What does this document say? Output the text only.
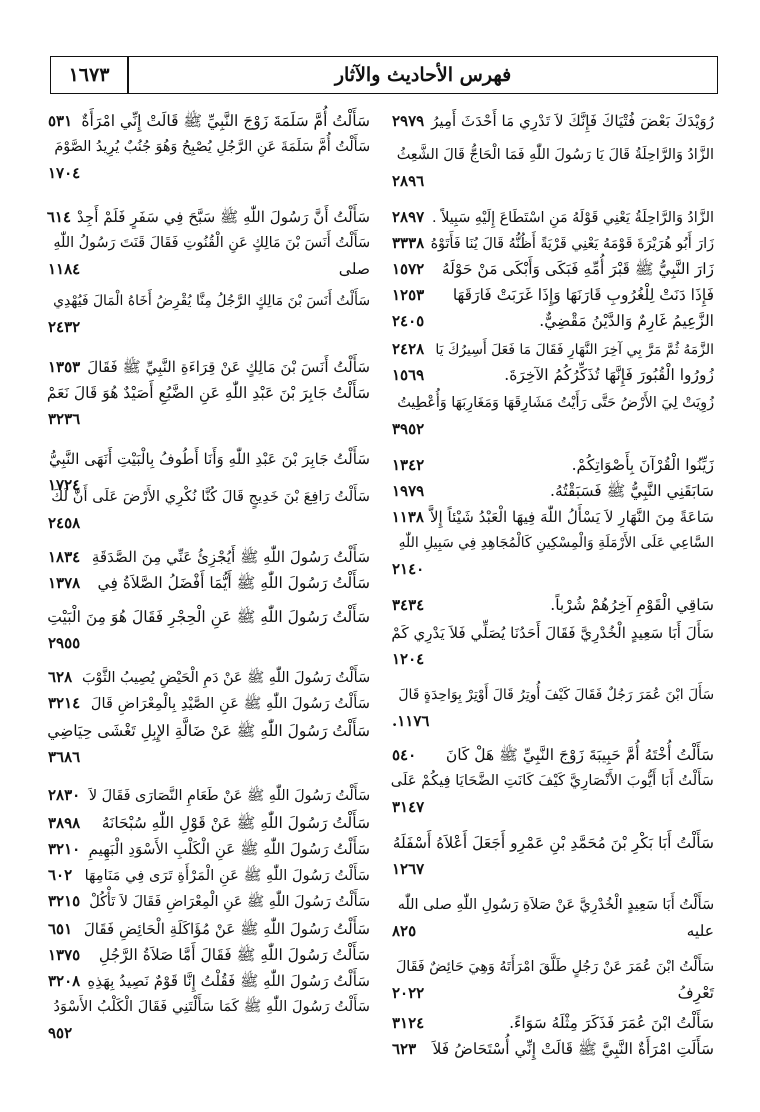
١٦٧٣	فهرس الأحاديث والآثار
رُوَيْدَكَ بَعْضَ فُتْيَاكَ فَإِنَّكَ لاَ تَدْرِي مَا أَحْدَثَ أَمِيرُ
٢٩٧٩
الزَّادُ وَالرَّاحِلَةُ قَالَ يَا رَسُولَ اللّٰهِ فَمَا الْحَاجُّ قَالَ الشَّعِثُ
٢٨٩٦
الزَّادُ وَالرَّاحِلَةُ يَعْنِي قَوْلَهُ مَنِ اسْتَطَاعَ إِلَيْهِ سَبِيلاً .
٢٨٩٧
زَارَ أَبُو هُرَيْرَةَ قَوْمَهُ يَعْنِي قَرْيَةً أَظُنُّهُ قَالَ يُنَا فَأَتَوْهُ
٣٣٣٨
زَارَ النَّبِيُّ ﷺ قَبْرَ أُمِّهِ فَبَكَى وَأَبْكَى مَنْ حَوْلَهُ
١٥٧٢
فَإِذَا دَنَتْ لِلْغُرُوبِ قَارَنَهَا وَإِذَا غَرَبَتْ فَارَقَهَا
١٢٥٣
الزَّعِيمُ غَارِمٌ وَالدَّيْنُ مَقْضِيٌّ.
٢٤٠٥
الزَّمَهُ ثُمَّ مَرَّ بِي آخِرَ النَّهَارِ فَقَالَ مَا فَعَلَ أَسِيرُكَ يَا
٢٤٢٨
زُورُوا الْقُبُورَ فَإِنَّهَا تُذَكِّرُكُمُ الآخِرَةَ.
١٥٦٩
زُوِيَتْ لِيَ الأَرْضُ حَتَّى رَأَيْتُ مَشَارِقَهَا وَمَغَارِبَهَا وَأُعْطِيتُ
٣٩٥٢
زَيِّنُوا الْقُرْآنَ بِأَصْوَاتِكُمْ.
١٣٤٢
سَابَقَنِي النَّبِيُّ ﷺ فَسَبَقْتُهُ.
١٩٧٩
سَاعَةً مِنَ النَّهَارِ لاَ يَسْأَلُ اللّٰهَ فِيهَا الْعَبْدُ شَيْئاً إِلاَّ
١١٣٨
السَّاعِي عَلَى الأَرْمَلَةِ وَالْمِسْكِينِ كَالْمُجَاهِدِ فِي سَبِيلِ اللّٰهِ
٢١٤٠
سَاقِي الْقَوْمِ آخِرُهُمْ شُرْباً.
٣٤٣٤
سَأَلَ أَبَا سَعِيدٍ الْخُدْرِيَّ فَقَالَ أَحَدُنَا يُصَلِّي فَلاَ يَدْرِي كَمْ
١٢٠٤
سَأَلَ ابْنَ عُمَرَ رَجُلٌ فَقَالَ كَيْفَ أُوتِرُ قَالَ أَوْتِرْ بِوَاحِدَةٍ قَالَ
١١٧٦.
سَأَلْتُ أُخْتَهُ أُمَّ حَبِيبَةَ زَوْجَ النَّبِيِّ ﷺ هَلْ كَانَ
٥٤٠
سَأَلْتُ أَبَا أَيُّوبَ الأَنْصَارِيَّ كَيْفَ كَانَتِ الضَّحَايَا فِيكُمْ عَلَى
٣١٤٧
سَأَلْتُ أَبَا بَكْرِ بْنَ مُحَمَّدِ بْنِ عَمْرِو أَجَعَلَ أَعْلاَهُ أَسْفَلَهُ
١٢٦٧
سَأَلْتُ أَبَا سَعِيدٍ الْخُدْرِيَّ عَنْ صَلاَةِ رَسُولِ اللّٰهِ صلى اللّٰه
عليه
٨٢٥
سَأَلْتُ ابْنَ عُمَرَ عَنْ رَجُلٍ طَلَّقَ امْرَأَتَهُ وَهِيَ حَائِضٌ فَقَالَ
تَعْرِفُ
٢٠٢٢
سَأَلْتُ ابْنَ عُمَرَ فَذَكَرَ مِثْلَهُ سَوَاءً.
٣١٢٤
سَأَلَتِ امْرَأَةٌ النَّبِيَّ ﷺ قَالَتْ إِنِّي أُسْتَحَاضُ فَلاَ
٦٢٣
سَأَلْتُ أُمَّ سَلَمَةَ زَوْجَ النَّبِيِّ ﷺ قَالَتْ إِنِّي امْرَأَةٌ
٥٣١
سَأَلْتُ أُمَّ سَلَمَةَ عَنِ الرَّجُلِ يُصْبِحُ وَهُوَ جُنُبٌ يُرِيدُ الصَّوْمَ
١٧٠٤
سَأَلْتُ أَنَّ رَسُولَ اللّٰهِ ﷺ سَبَّحَ فِي سَفَرٍ فَلَمْ أَجِدْ
٦١٤
سَأَلْتُ أَنَسَ بْنَ مَالِكٍ عَنِ الْقُنُوتِ فَقَالَ قَنَتَ رَسُولُ اللّٰهِ
صلى
١١٨٤
سَأَلْتُ أَنَسَ بْنَ مَالِكٍ الرَّجُلُ مِنَّا يُقْرِضُ أَخَاهُ الْمَالَ فَيُهْدِي
٢٤٣٢
سَأَلْتُ أَنَسَ بْنَ مَالِكٍ عَنْ قِرَاءَةِ النَّبِيِّ ﷺ فَقَالَ
١٣٥٣
سَأَلْتُ جَابِرَ بْنَ عَبْدِ اللّٰهِ عَنِ الضَّبُعِ أَصَيْدٌ هُوَ قَالَ نَعَمْ
٣٢٣٦
سَأَلْتُ جَابِرَ بْنَ عَبْدِ اللّٰهِ وَأَنَا أَطُوفُ بِالْبَيْتِ أَنَهَى النَّبِيُّ
١٧٢٤
سَأَلْتُ رَافِعَ بْنَ خَدِيجٍ قَالَ كُنَّا نُكْرِي الأَرْضَ عَلَى أَنَّ لَكَ
٢٤٥٨
سَأَلْتُ رَسُولَ اللّٰهِ ﷺ أَيُجْزِئُ عَنِّي مِنَ الصَّدَقَةِ
١٨٣٤
سَأَلْتُ رَسُولَ اللّٰهِ ﷺ أَيُّمَا أَفْضَلُ الصَّلاَةُ فِي
١٣٧٨
سَأَلْتُ رَسُولَ اللّٰهِ ﷺ عَنِ الْحِجْرِ فَقَالَ هُوَ مِنَ الْبَيْتِ
٢٩٥٥
سَأَلْتُ رَسُولَ اللّٰهِ ﷺ عَنْ دَمِ الْحَيْضِ يُصِيبُ الثَّوْبَ
٦٢٨
سَأَلْتُ رَسُولَ اللّٰهِ ﷺ عَنِ الصَّيْدِ بِالْمِعْرَاضِ قَالَ
٣٢١٤
سَأَلْتُ رَسُولَ اللّٰهِ ﷺ عَنْ ضَالَّةِ الإِبِلِ تَغْشَى حِيَاضِي
٣٦٨٦
سَأَلْتُ رَسُولَ اللّٰهِ ﷺ عَنْ طَعَامِ النَّصَارَى فَقَالَ لاَ
٢٨٣٠
سَأَلْتُ رَسُولَ اللّٰهِ ﷺ عَنْ قَوْلِ اللّٰهِ سُبْحَانَهُ
٣٨٩٨
سَأَلْتُ رَسُولَ اللّٰهِ ﷺ عَنِ الْكَلْبِ الأَسْوَدِ الْبَهِيمِ
٣٢١٠
سَأَلْتُ رَسُولَ اللّٰهِ ﷺ عَنِ الْمَرْأَةِ تَرَى فِي مَنَامِهَا
٦٠٢
سَأَلْتُ رَسُولَ اللّٰهِ ﷺ عَنِ الْمِعْرَاضِ فَقَالَ لاَ تَأْكُلْ
٣٢١٥
سَأَلْتُ رَسُولَ اللّٰهِ ﷺ عَنْ مُؤَاكَلَةِ الْحَائِضِ فَقَالَ
٦٥١
سَأَلْتُ رَسُولَ اللّٰهِ ﷺ فَقَالَ أَمَّا صَلاَةُ الرَّجُلِ
١٣٧٥
سَأَلْتُ رَسُولَ اللّٰهِ ﷺ فَقُلْتُ إِنَّا قَوْمٌ نَصِيدُ بِهَذِهِ
٣٢٠٨
سَأَلْتُ رَسُولَ اللّٰهِ ﷺ كَمَا سَأَلْتَنِي فَقَالَ الْكَلْبُ الأَسْوَدُ
٩٥٢
